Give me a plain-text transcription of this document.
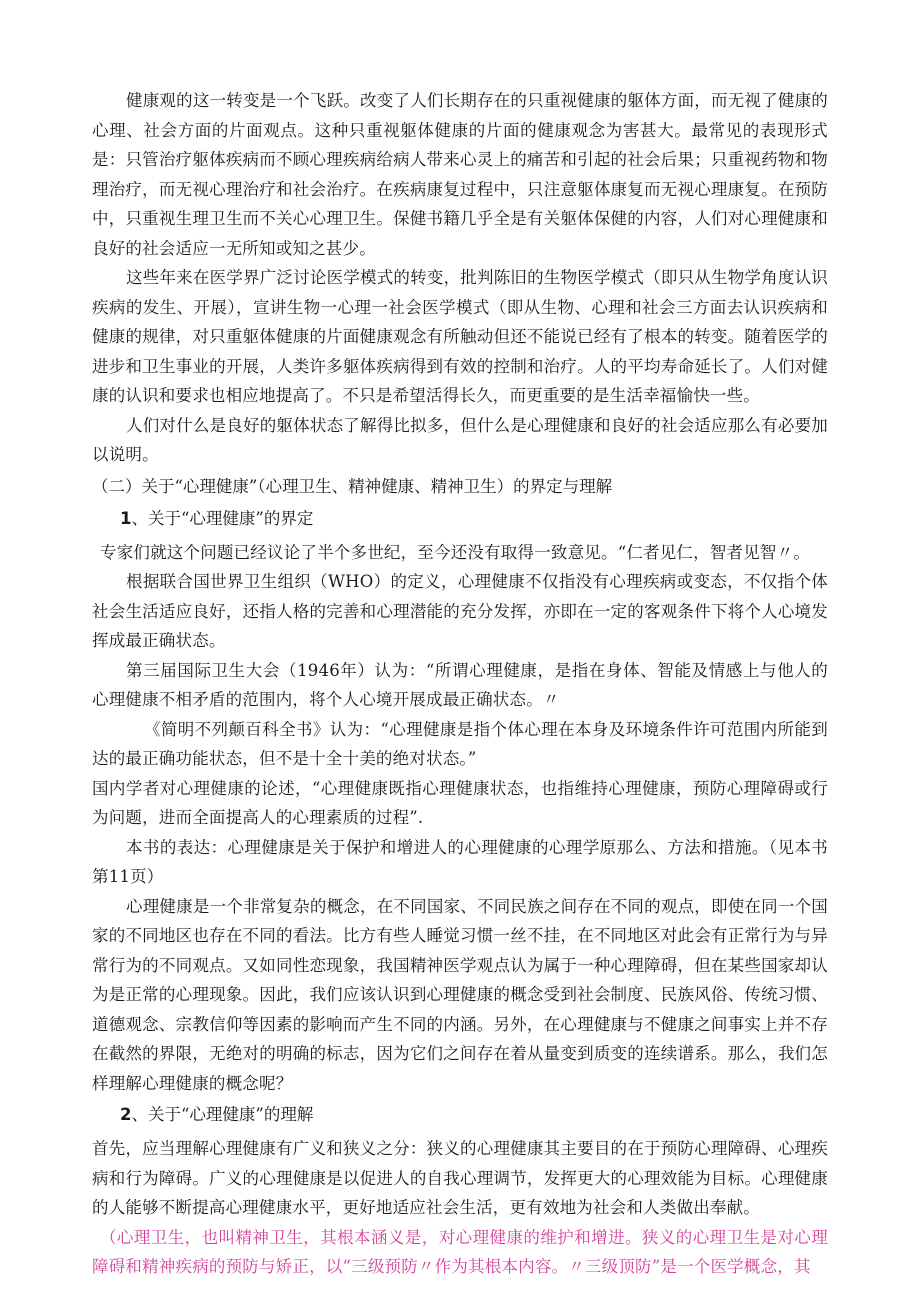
健康观的这一转变是一个飞跃。改变了人们长期存在的只重视健康的躯体方面，而无视了健康的心理、社会方面的片面观点。这种只重视躯体健康的片面的健康观念为害甚大。最常见的表现形式是：只管治疗躯体疾病而不顾心理疾病给病人带来心灵上的痛苦和引起的社会后果；只重视药物和物理治疗，而无视心理治疗和社会治疗。在疾病康复过程中，只注意躯体康复而无视心理康复。在预防中，只重视生理卫生而不关心心理卫生。保健书籍几乎全是有关躯体保健的内容，人们对心理健康和良好的社会适应一无所知或知之甚少。

这些年来在医学界广泛讨论医学模式的转变，批判陈旧的生物医学模式（即只从生物学角度认识疾病的发生、开展），宣讲生物一心理一社会医学模式（即从生物、心理和社会三方面去认识疾病和健康的规律，对只重躯体健康的片面健康观念有所触动但还不能说已经有了根本的转变。随着医学的进步和卫生事业的开展，人类许多躯体疾病得到有效的控制和治疗。人的平均寿命延长了。人们对健康的认识和要求也相应地提高了。不只是希望活得长久，而更重要的是生活幸福愉快一些。

人们对什么是良好的躯体状态了解得比拟多，但什么是心理健康和良好的社会适应那么有必要加以说明。

（二）关于“心理健康”（心理卫生、精神健康、精神卫生）的界定与理解

1、关于“心理健康”的界定

专家们就这个问题已经议论了半个多世纪，至今还没有取得一致意见。“仁者见仁，智者见智〃。

根据联合国世界卫生组织（WHO）的定义，心理健康不仅指没有心理疾病或变态，不仅指个体社会生活适应良好，还指人格的完善和心理潜能的充分发挥，亦即在一定的客观条件下将个人心境发挥成最正确状态。

第三届国际卫生大会（1946年）认为：“所谓心理健康，是指在身体、智能及情感上与他人的心理健康不相矛盾的范围内，将个人心境开展成最正确状态。〃

《简明不列颠百科全书》认为：“心理健康是指个体心理在本身及环境条件许可范围内所能到达的最正确功能状态，但不是十全十美的绝对状态。”

国内学者对心理健康的论述，“心理健康既指心理健康状态，也指维持心理健康，预防心理障碍或行为问题，进而全面提高人的心理素质的过程”.

本书的表达：心理健康是关于保护和增进人的心理健康的心理学原那么、方法和措施。（见本书第11页）

心理健康是一个非常复杂的概念，在不同国家、不同民族之间存在不同的观点，即使在同一个国家的不同地区也存在不同的看法。比方有些人睡觉习惯一丝不挂，在不同地区对此会有正常行为与异常行为的不同观点。又如同性恋现象，我国精神医学观点认为属于一种心理障碍，但在某些国家却认为是正常的心理现象。因此，我们应该认识到心理健康的概念受到社会制度、民族风俗、传统习惯、道德观念、宗教信仰等因素的影响而产生不同的内涵。另外，在心理健康与不健康之间事实上并不存在截然的界限，无绝对的明确的标志，因为它们之间存在着从量变到质变的连续谱系。那么，我们怎样理解心理健康的概念呢？

2、关于“心理健康”的理解

首先，应当理解心理健康有广义和狭义之分：狭义的心理健康其主要目的在于预防心理障碍、心理疾病和行为障碍。广义的心理健康是以促进人的自我心理调节，发挥更大的心理效能为目标。心理健康的人能够不断提高心理健康水平，更好地适应社会生活，更有效地为社会和人类做出奉献。

（心理卫生，也叫精神卫生，其根本涵义是，对心理健康的维护和增进。狭义的心理卫生是对心理障碍和精神疾病的预防与矫正，以“三级预防〃作为其根本内容。〃三级顶防”是一个医学概念，其
